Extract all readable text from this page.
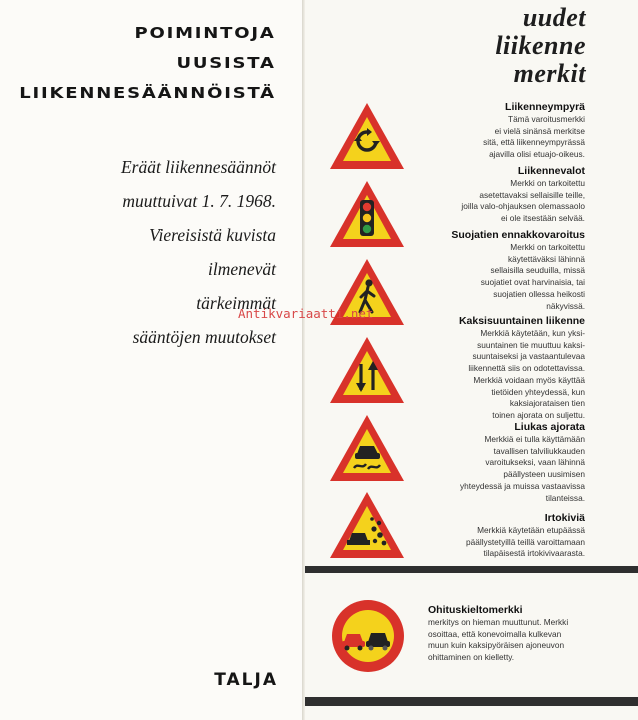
POIMINTOJA
UUSISTA
LIIKENNESÄÄNNÖISTÄ
Eräät liikennesäännöt
muuttuivat 1. 7. 1968.
Viereisistä kuvista
ilmenevät
tärkeimmät
sääntöjen muutokset
TALJA
uudet
liikenne
merkit
Liikenneympyrä
Tämä varoitusmerkki
ei vielä sinänsä merkitse
sitä, että liikenneympyrässä
ajavilla olisi etuajo-oikeus.
Liikennevalot
Merkki on tarkoitettu
asetettavaksi sellaisille teille,
joilla valo-ohjauksen olemassaolo
ei ole itsestään selvää.
Suojatien ennakkovaroitus
Merkki on tarkoitettu
käytettäväksi lähinnä
sellaisilla seuduilla, missä
suojatiet ovat harvinaisia, tai
suojatien ollessa heikosti
näkyvissä.
Kaksisuuntainen liikenne
Merkkiä käytetään, kun yksi-
suuntainen tie muuttuu kaksi-
suuntaiseksi ja vastaantulevaa
liikennettä siis on odotettavissa.
Merkkiä voidaan myös käyttää
tietöiden yhteydessä, kun
kaksiajorataisen tien
toinen ajorata on suljettu.
Liukas ajorata
Merkkiä ei tulla käyttämään
tavallisen talviliukkauden
varoitukseksi, vaan lähinnä
päällysteen uusimisen
yhteydessä ja muissa vastaavissa
tilanteissa.
Irtokiviä
Merkkiä käytetään etupäässä
päällystetyillä teillä varoittamaan
tilapäisestä irtokivivaarasta.
Ohituskieltomerkki
merkitys on hieman muuttunut. Merkki
osoittaa, että konevoimalla kulkevan
muun kuin kaksipyöräisen ajoneuvon
ohittaminen on kielletty.
Antikvariaatti.net
